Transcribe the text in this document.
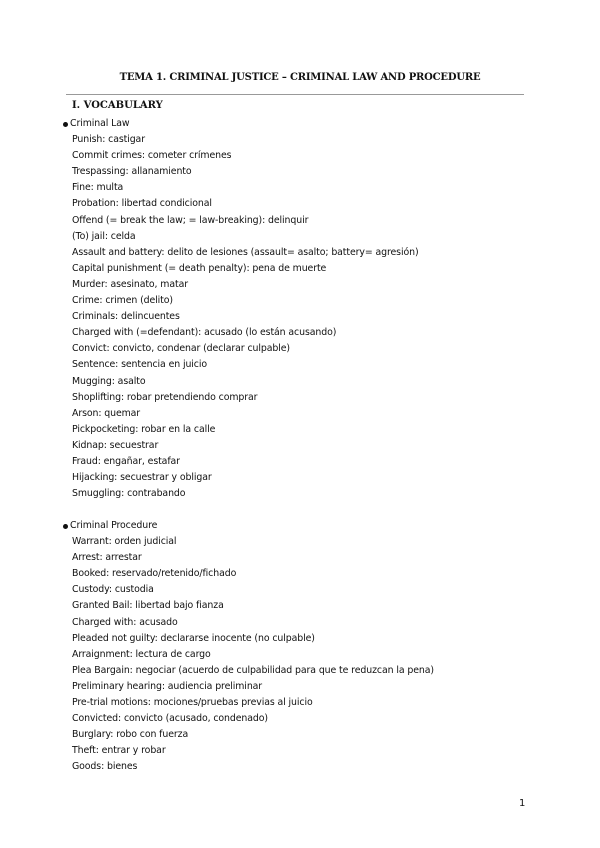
TEMA 1. CRIMINAL JUSTICE – CRIMINAL LAW AND PROCEDURE
I. VOCABULARY
Criminal Law
Punish: castigar
Commit crimes: cometer crímenes
Trespassing: allanamiento
Fine: multa
Probation: libertad condicional
Offend (= break the law; = law-breaking): delinquir
(To) jail: celda
Assault and battery: delito de lesiones (assault= asalto; battery= agresión)
Capital punishment (= death penalty): pena de muerte
Murder: asesinato, matar
Crime: crimen (delito)
Criminals: delincuentes
Charged with (=defendant): acusado (lo están acusando)
Convict: convicto, condenar (declarar culpable)
Sentence: sentencia en juicio
Mugging: asalto
Shoplifting: robar pretendiendo comprar
Arson: quemar
Pickpocketing: robar en la calle
Kidnap: secuestrar
Fraud: engañar, estafar
Hijacking: secuestrar y obligar
Smuggling: contrabando
Criminal Procedure
Warrant: orden judicial
Arrest: arrestar
Booked: reservado/retenido/fichado
Custody: custodia
Granted Bail: libertad bajo fianza
Charged with: acusado
Pleaded not guilty: declararse inocente (no culpable)
Arraignment: lectura de cargo
Plea Bargain: negociar (acuerdo de culpabilidad para que te reduzcan la pena)
Preliminary hearing: audiencia preliminar
Pre-trial motions: mociones/pruebas previas al juicio
Convicted: convicto (acusado, condenado)
Burglary: robo con fuerza
Theft: entrar y robar
Goods: bienes
1
